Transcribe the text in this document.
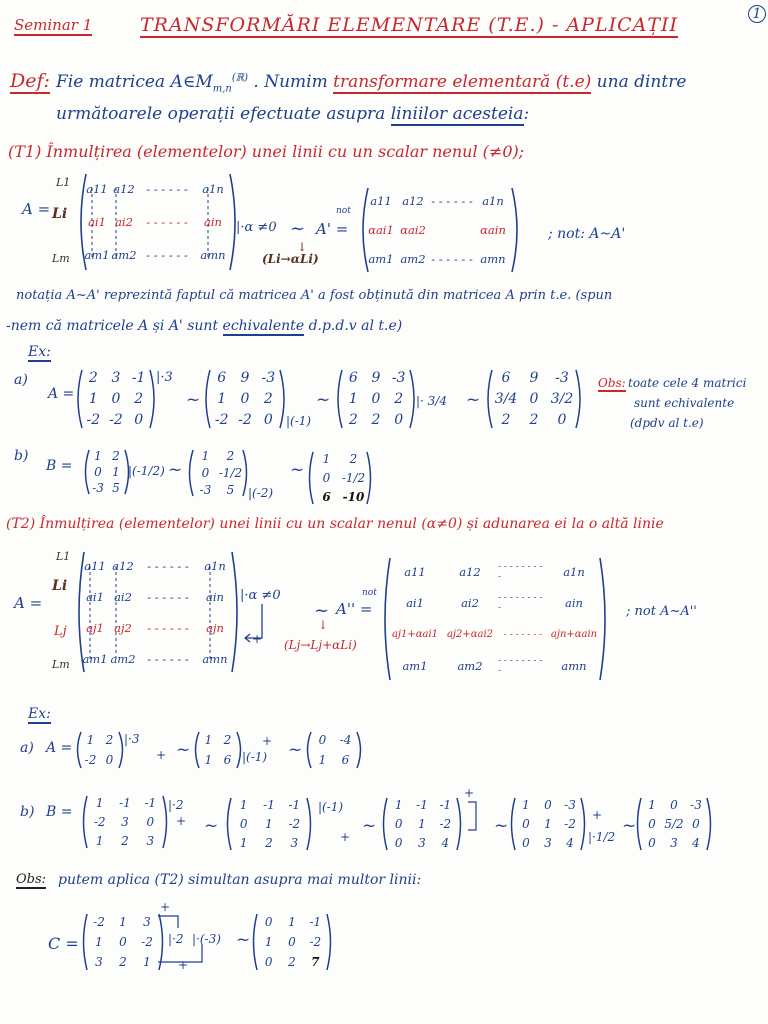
Seminar 1	TRANSFORMĂRI ELEMENTARE (T.E.) - APLICAȚII	1
Def: Fie matricea $A\in M_{m,n}^{(ℝ)}$ . Numim transformare elementară (t.e) una dintre
următoarele operații efectuate asupra liniilor acesteia:
(T1) Înmulțirea (elementelor) unei linii cu un scalar nenul (≠0);
A =
L1
Li
Lm
a11 a12 - - - - - - a1n
ai1 ai2 - - - - - - ain
am1 am2 - - - - - - amn
|·α ≠0 ~ A' =
not
↓
(Li→αLi)
a11 a12 - - - - - - a1n
αai1 αai2	αain
am1 am2 - - - - - - amn
; not: A~A'
notația A~A' reprezintă faptul că matricea A' a fost obținută din matricea A prin t.e. (spun
-nem că matricele A și A' sunt echivalente d.p.d.v al t.e)
Ex:
a)
A =
2 3 -1
1 0 2
-2 -2 0
|·3
~
6 9 -3
1 0 2
-2 -2 0 |(-1)
~
6 9 -3
1 0 2
2 2 0
|· 3/4 ~
6 9 -3
3/4 0 3/2
2 2 0
Obs: toate cele 4 matrici
sunt echivalente
(dpdv al t.e)
b)
B =
1 2
0 1
-3 5
|(-1/2) ~
1 2
0 -1/2
-3 5 |(-2)
~
1 2
0 -1/2
6 -10
(T2) Înmulțirea (elementelor) unei linii cu un scalar nenul (α≠0) și adunarea ei la o altă linie
A =
L1
Li
Lj
Lm
a11 a12 - - - - - - a1n
ai1 ai2 - - - - - - ain
aj1 aj2 - - - - - - ajn
am1 am2 - - - - - - amn
|·α ≠0
+
~ A'' =
not
↓
(Lj→Lj+αLi)
a11	a12 - - - - - - - - -	a1n
ai1	ai2 - - - - - - - - -	ain
aj1+αai1 aj2+αai2 - - - - - - - ajn+αain
am1	am2 - - - - - - - - -	amn
; not A~A''
Ex:
a) A = 1 2
-2 0
|·3
+ ~ 1 2
1 6
+
|(-1) ~ 0 -4
1 6
b) B =
1 -1 -1
-2 3 0
1 2 3
|·2
+ ~
1 -1 -1
0 1 -2
1 2 3
|(-1)
+
~
1 -1 -1
0 1 -2
0 3 4
+
~
1 0 -3
0 1 -2
0 3 4
+
|·1/2
~
1 0 -3
0 5/2 0
0 3 4
Obs: putem aplica (T2) simultan asupra mai multor linii:
C =
-2 1 3
1 0 -2
3 2 1
+
|·2 |·(-3)
+
~
0 1 -1
1 0 -2
0 2 7
